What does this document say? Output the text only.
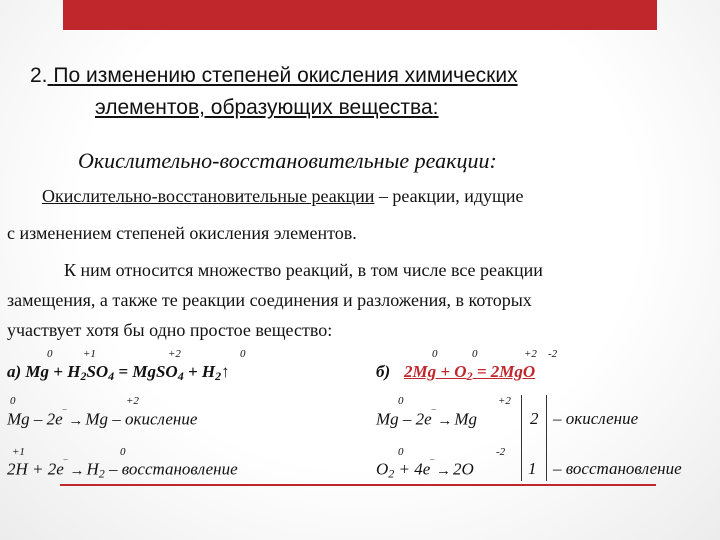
2. По изменению степеней окисления химических
элементов, образующих вещества:
Окислительно-восстановительные реакции:
Окислительно-восстановительные реакции – реакции, идущие
с изменением степеней окисления элементов.
К ним относится множество реакций, в том числе все реакции
замещения, а также те реакции соединения и разложения, в которых
участвует хотя бы одно простое вещество:
0	+1	+2	0
а) $Mg + H_2SO_4$ = MgSO$_4$ + $H_2↑$
0	0	+2 -2
б) $2Mg + O_2 = 2MgO$
0	+2
Mg – 2e‾ → Mg – окисление
+1	0
$2H + 2e^‾ \to H_2$ – восстановление
0	+2
Mg – 2e‾ → Mg	2 – окисление
0	-2
$O_2 + 4e^‾ \to 2O$	1 – восстановление
